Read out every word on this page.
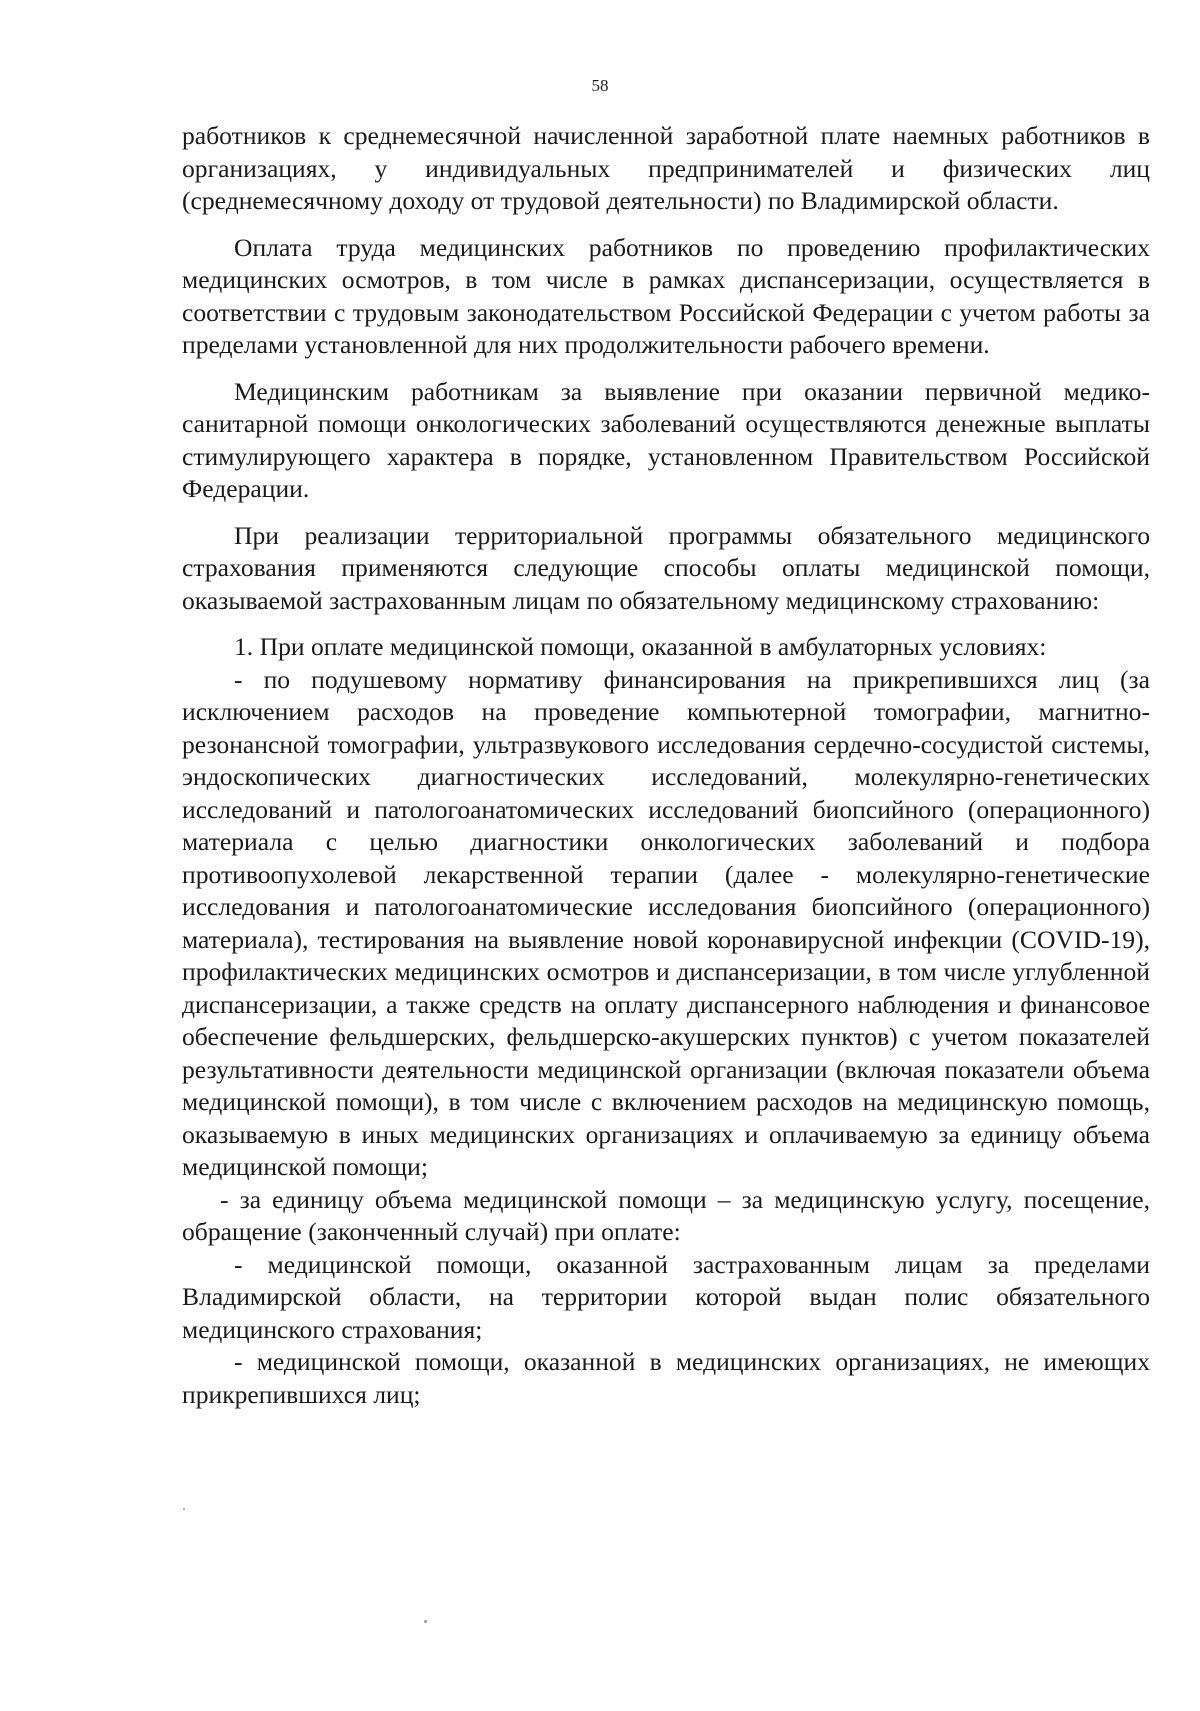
58

работников к среднемесячной начисленной заработной плате наемных работников в организациях, у индивидуальных предпринимателей и физических лиц (среднемесячному доходу от трудовой деятельности) по Владимирской области.

Оплата труда медицинских работников по проведению профилактических медицинских осмотров, в том числе в рамках диспансеризации, осуществляется в соответствии с трудовым законодательством Российской Федерации с учетом работы за пределами установленной для них продолжительности рабочего времени.

Медицинским работникам за выявление при оказании первичной медико-санитарной помощи онкологических заболеваний осуществляются денежные выплаты стимулирующего характера в порядке, установленном Правительством Российской Федерации.

При реализации территориальной программы обязательного медицинского страхования применяются следующие способы оплаты медицинской помощи, оказываемой застрахованным лицам по обязательному медицинскому страхованию:

1. При оплате медицинской помощи, оказанной в амбулаторных условиях:

- по подушевому нормативу финансирования на прикрепившихся лиц (за исключением расходов на проведение компьютерной томографии, магнитно-резонансной томографии, ультразвукового исследования сердечно-сосудистой системы, эндоскопических диагностических исследований, молекулярно-генетических исследований и патологоанатомических исследований биопсийного (операционного) материала с целью диагностики онкологических заболеваний и подбора противоопухолевой лекарственной терапии (далее - молекулярно-генетические исследования и патологоанатомические исследования биопсийного (операционного) материала), тестирования на выявление новой коронавирусной инфекции (COVID-19), профилактических медицинских осмотров и диспансеризации, в том числе углубленной диспансеризации, а также средств на оплату диспансерного наблюдения и финансовое обеспечение фельдшерских, фельдшерско-акушерских пунктов) с учетом показателей результативности деятельности медицинской организации (включая показатели объема медицинской помощи), в том числе с включением расходов на медицинскую помощь, оказываемую в иных медицинских организациях и оплачиваемую за единицу объема медицинской помощи;

- за единицу объема медицинской помощи – за медицинскую услугу, посещение, обращение (законченный случай) при оплате:

- медицинской помощи, оказанной застрахованным лицам за пределами Владимирской области, на территории которой выдан полис обязательного медицинского страхования;

- медицинской помощи, оказанной в медицинских организациях, не имеющих прикрепившихся лиц;
